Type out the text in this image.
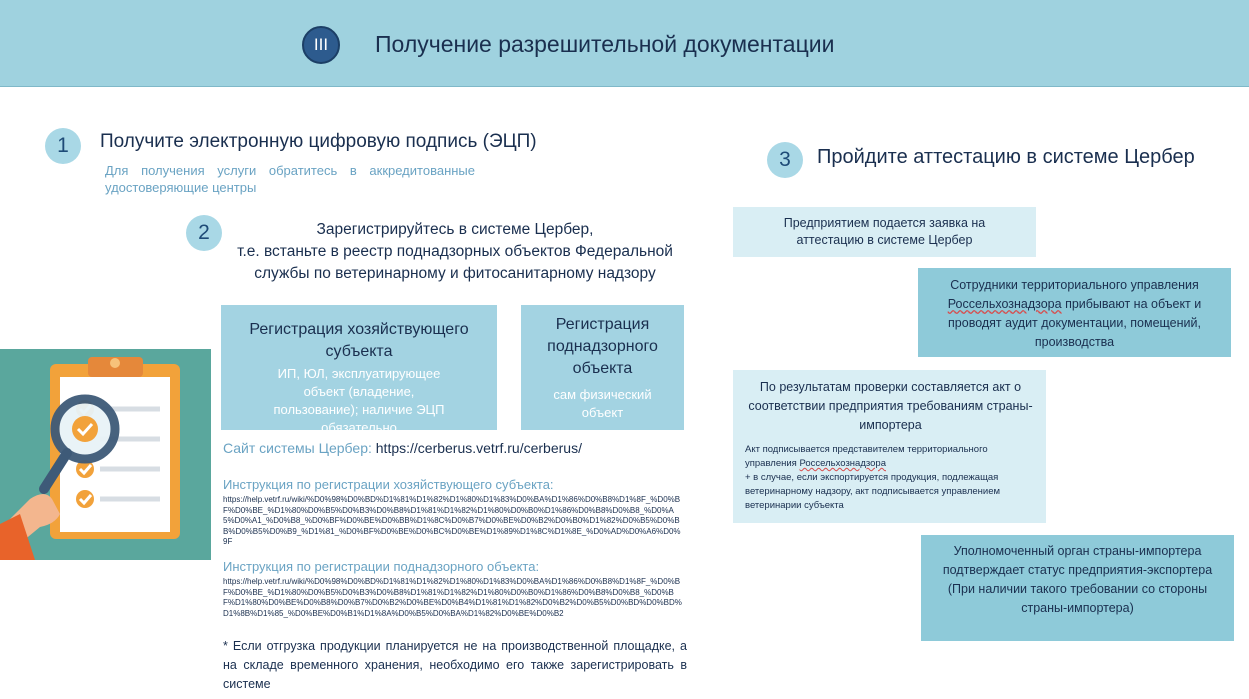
III	Получение разрешительной документации
1	Получите электронную цифровую подпись (ЭЦП)
Для получения услуги обратитесь в аккредитованные удостоверяющие центры
2	Зарегистрируйтесь в системе Цербер,
т.е. встаньте в реестр поднадзорных объектов Федеральной службы по ветеринарному и фитосанитарному надзору
Регистрация хозяйствующего субъекта
ИП, ЮЛ, эксплуатирующее объект (владение, пользование); наличие ЭЦП обязательно
Регистрация поднадзорного объекта
сам физический объект
Сайт системы Цербер: https://cerberus.vetrf.ru/cerberus/
Инструкция по регистрации хозяйствующего субъекта:
https://help.vetrf.ru/wiki/%D0%98%D0%BD%D1%81%D1%82%D1%80%D1%83%D0%BA%D1%86%D0%B8%D1%8F_%D0%BF%D0%BE_%D1%80%D0%B5%D0%B3%D0%B8%D1%81%D1%82%D1%80%D0%B0%D1%86%D0%B8%D0%B8_%D0%A5%D0%A1_%D0%B8_%D0%BF%D0%BE%D0%BB%D1%8C%D0%B7%D0%BE%D0%B2%D0%B0%D1%82%D0%B5%D0%BB%D0%B5%D0%B9_%D1%81_%D0%BF%D0%BE%D0%BC%D0%BE%D1%89%D1%8C%D1%8E_%D0%AD%D0%A6%D0%9F
Инструкция по регистрации поднадзорного объекта:
https://help.vetrf.ru/wiki/%D0%98%D0%BD%D1%81%D1%82%D1%80%D1%83%D0%BA%D1%86%D0%B8%D1%8F_%D0%BF%D0%BE_%D1%80%D0%B5%D0%B3%D0%B8%D1%81%D1%82%D1%80%D0%B0%D1%86%D0%B8%D0%B8_%D0%BF%D1%80%D0%BE%D0%B8%D0%B7%D0%B2%D0%BE%D0%B4%D1%81%D1%82%D0%B2%D0%B5%D0%BD%D0%BD%D1%8B%D1%85_%D0%BE%D0%B1%D1%8A%D0%B5%D0%BA%D1%82%D0%BE%D0%B2
* Если отгрузка продукции планируется не на производственной площадке, а на складе временного хранения, необходимо его также зарегистрировать в системе
3	Пройдите аттестацию в системе Цербер
Предприятием подается заявка на аттестацию в системе Цербер
Сотрудники территориального управления Россельхознадзора прибывают на объект и проводят аудит документации, помещений, производства
По результатам проверки составляется акт о соответствии предприятия требованиям страны-импортера
Акт подписывается представителем территориального управления Россельхознадзора
+ в случае, если экспортируется продукция, подлежащая ветеринарному надзору, акт подписывается управлением ветеринарии субъекта
Уполномоченный орган страны-импортера подтверждает статус предприятия-экспортера (При наличии такого требовании со стороны страны-импортера)
